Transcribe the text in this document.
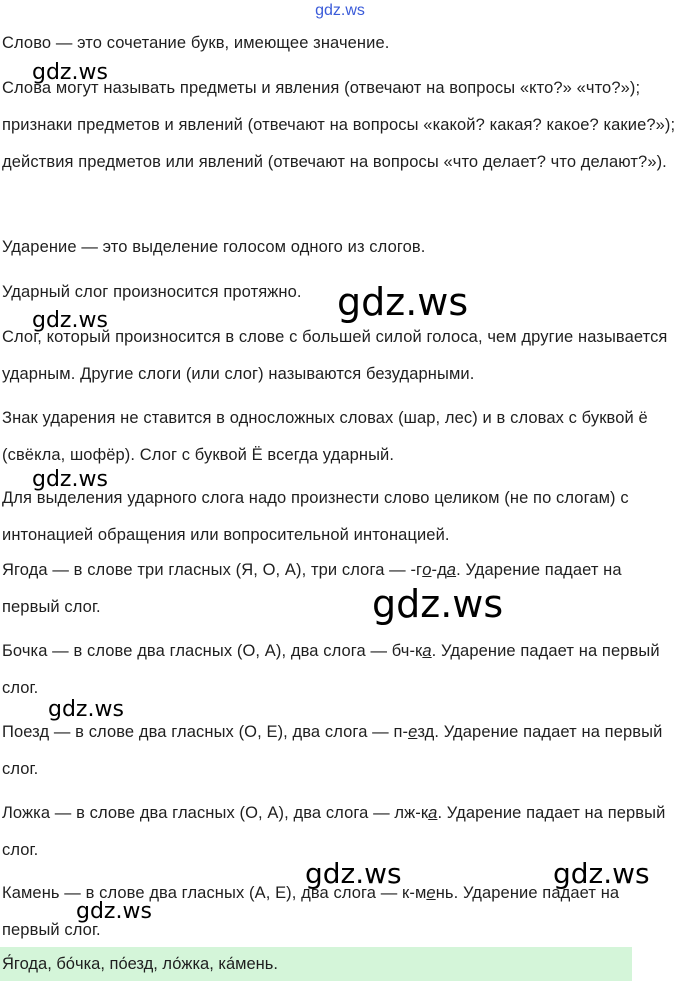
gdz.ws

Слово — это сочетание букв, имеющее значение.

Слова могут называть предметы и явления (отвечают на вопросы «кто?» «что?»); признаки предметов и явлений (отвечают на вопросы «какой? какая? какое? какие?»); действия предметов или явлений (отвечают на вопросы «что делает? что делают?»).

Ударение — это выделение голосом одного из слогов.

Ударный слог произносится протяжно.

Слог, который произносится в слове с большей силой голоса, чем другие называется ударным. Другие слоги (или слог) называются безударными.

Знак ударения не ставится в односложных словах (шар, лес) и в словах с буквой ё (свёкла, шофёр). Слог с буквой Ё всегда ударный.

Для выделения ударного слога надо произнести слово целиком (не по слогам) с интонацией обращения или вопросительной интонацией.

Ягода — в слове три гласных (Я, О, А), три слога — -го-да. Ударение падает на первый слог.

Бочка — в слове два гласных (О, А), два слога — бч-ка. Ударение падает на первый слог.

Поезд — в слове два гласных (О, Е), два слога — п-езд. Ударение падает на первый слог.

Ложка — в слове два гласных (О, А), два слога — лж-ка. Ударение падает на первый слог.

Камень — в слове два гласных (А, Е), два слога — к-мень. Ударение падает на первый слог.

Я́года, бо́чка, по́езд, ло́жка, ка́мень.
gdz.ws
gdz.ws
gdz.ws
gdz.ws
gdz.ws
gdz.ws	gdz.ws
gdz.ws
gdz.ws
